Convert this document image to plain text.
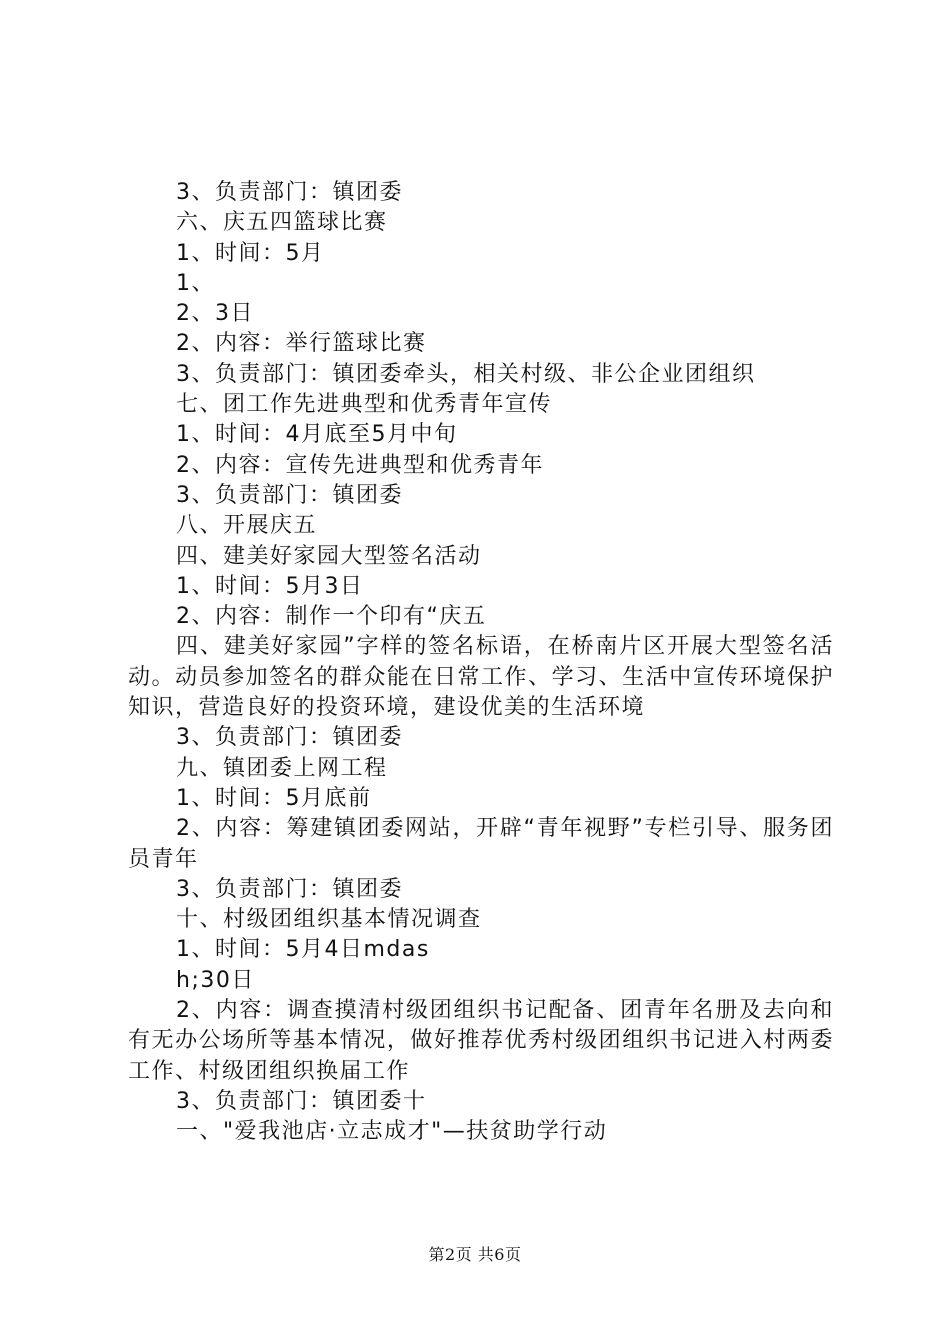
3、负责部门：镇团委
六、庆五四篮球比赛
1、时间：5月
1、
2、3日
2、内容：举行篮球比赛
3、负责部门：镇团委牵头，相关村级、非公企业团组织
七、团工作先进典型和优秀青年宣传
1、时间：4月底至5月中旬
2、内容：宣传先进典型和优秀青年
3、负责部门：镇团委
八、开展庆五
四、建美好家园大型签名活动
1、时间：5月3日
2、内容：制作一个印有“庆五
四、建美好家园”字样的签名标语，在桥南片区开展大型签名活动。动员参加签名的群众能在日常工作、学习、生活中宣传环境保护知识，营造良好的投资环境，建设优美的生活环境
3、负责部门：镇团委
九、镇团委上网工程
1、时间：5月底前
2、内容：筹建镇团委网站，开辟“青年视野”专栏引导、服务团员青年
3、负责部门：镇团委
十、村级团组织基本情况调查
1、时间：5月4日mdas
h;30日
2、内容：调查摸清村级团组织书记配备、团青年名册及去向和有无办公场所等基本情况，做好推荐优秀村级团组织书记进入村两委工作、村级团组织换届工作
3、负责部门：镇团委十
一、"爱我池店·立志成才"—扶贫助学行动
第2页 共6页
